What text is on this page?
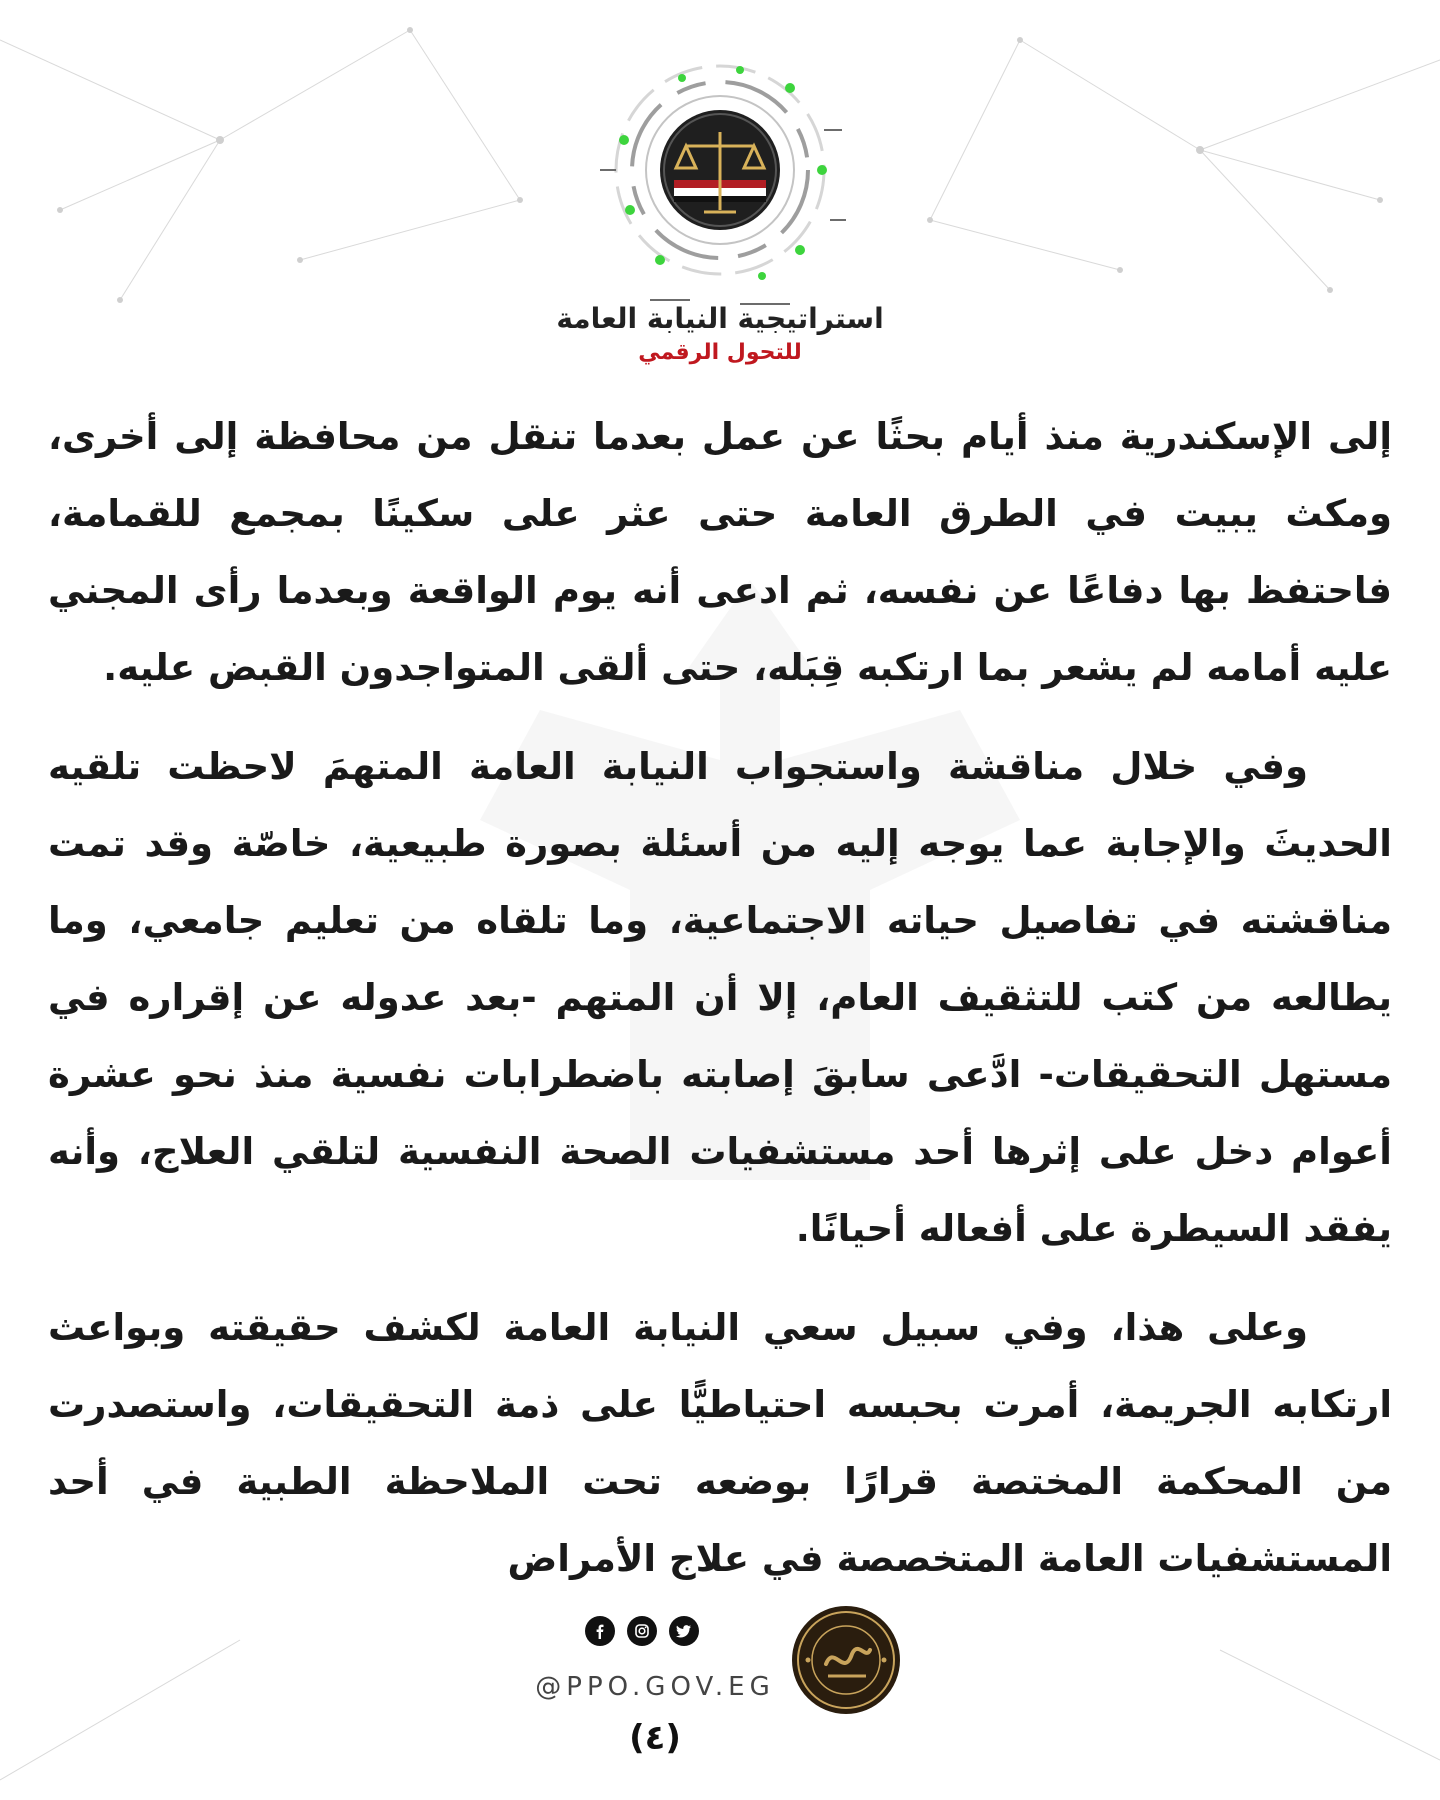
استراتيجية النيابة العامة
للتحول الرقمي

إلى الإسكندرية منذ أيام بحثًا عن عمل بعدما تنقل من محافظة إلى أخرى، ومكث يبيت في الطرق العامة حتى عثر على سكينًا بمجمع للقمامة، فاحتفظ بها دفاعًا عن نفسه، ثم ادعى أنه يوم الواقعة وبعدما رأى المجني عليه أمامه لم يشعر بما ارتكبه قِبَله، حتى ألقى المتواجدون القبض عليه.

وفي خلال مناقشة واستجواب النيابة العامة المتهمَ لاحظت تلقيه الحديثَ والإجابة عما يوجه إليه من أسئلة بصورة طبيعية، خاصّة وقد تمت مناقشته في تفاصيل حياته الاجتماعية، وما تلقاه من تعليم جامعي، وما يطالعه من كتب للتثقيف العام، إلا أن المتهم -بعد عدوله عن إقراره في مستهل التحقيقات- ادَّعى سابقَ إصابته باضطرابات نفسية منذ نحو عشرة أعوام دخل على إثرها أحد مستشفيات الصحة النفسية لتلقي العلاج، وأنه يفقد السيطرة على أفعاله أحيانًا.

وعلى هذا، وفي سبيل سعي النيابة العامة لكشف حقيقته وبواعث ارتكابه الجريمة، أمرت بحبسه احتياطيًّا على ذمة التحقيقات، واستصدرت من المحكمة المختصة قرارًا بوضعه تحت الملاحظة الطبية في أحد المستشفيات العامة المتخصصة في علاج الأمراض

@PPO.GOV.EG
(٤)
